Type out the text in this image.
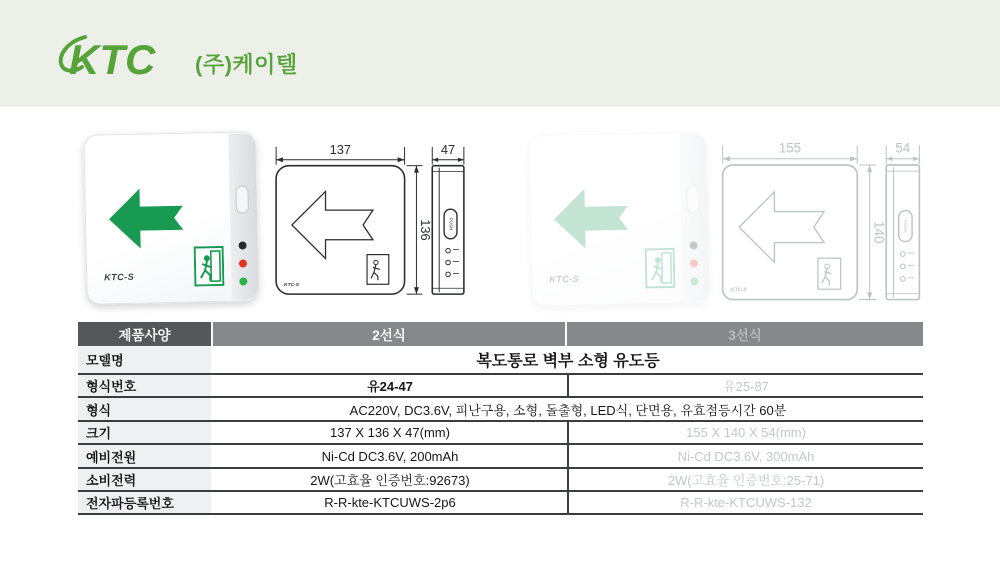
KTC (주)케이텔
KTC-S
137
KTC-S
136
47
PUSH
KTC-S
155
KTC-S
140
54
PUSH
제품사양	2선식	3선식
모델명	복도통로 벽부 소형 유도등
형식번호	유24-47	유25-87
형식	AC220V, DC3.6V, 피난구용, 소형, 돌출형, LED식, 단면용, 유효점등시간 60분
크기	137 X 136 X 47(mm)	155 X 140 X 54(mm)
예비전원	Ni-Cd DC3.6V, 200mAh	Ni-Cd DC3.6V, 300mAh
소비전력	2W(고효율 인증번호:92673)	2W(고효율 인증번호:25-71)
전자파등록번호	R-R-kte-KTCUWS-2p6	R-R-kte-KTCUWS-132
